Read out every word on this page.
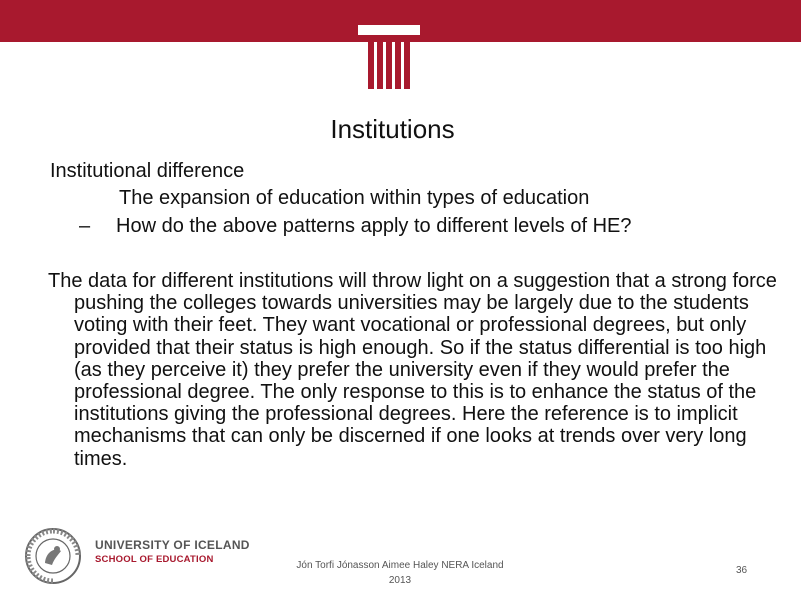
Institutions
Institutional difference
The expansion of education within types of education
– How do the above patterns apply to different levels of HE?
The data for different institutions will throw light on a suggestion that a strong force pushing the colleges towards universities may be largely due to the students voting with their feet. They want vocational or professional degrees, but only provided that their status is high enough. So if the status differential is too high (as they perceive it) they prefer the university even if they would prefer the professional degree. The only response to this is to enhance the status of the institutions giving the professional degrees. Here the reference is to implicit mechanisms that can only be discerned if one looks at trends over very long times.
UNIVERSITY OF ICELAND
SCHOOL OF EDUCATION
Jón Torfi Jónasson Aimee Haley NERA Iceland
2013
36
